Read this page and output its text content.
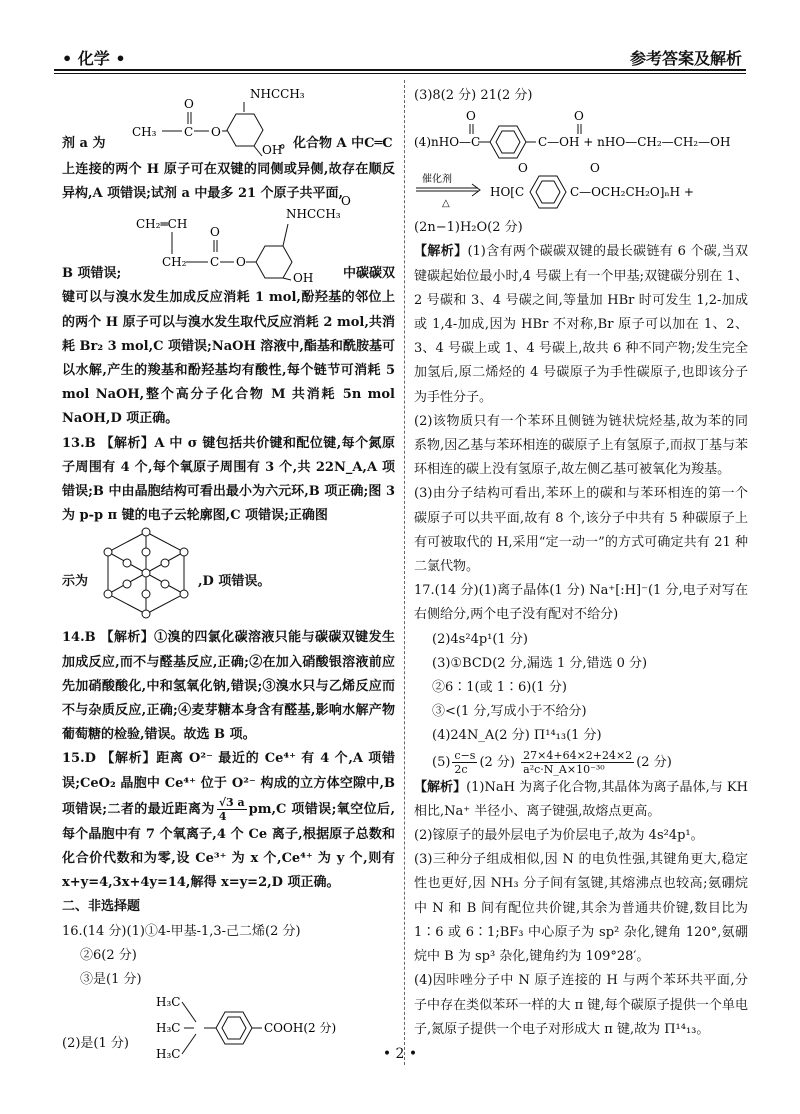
• 化学 •	参考答案及解析
剂 a 为
NHCCH₃
OH
O
C
O
CH₃
。化合物 A 中C═C

上连接的两个 H 原子可在双键的同侧或异侧,故存在顺反异构,A 项错误;试剂 a 中最多 21 个原子共平面,

CH₂═CH
NHCCH₃
CH₂ C
O
O
OH
O
B 项错误;	中碳碳双

键可以与溴水发生加成反应消耗 1 mol,酚羟基的邻位上的两个 H 原子可以与溴水发生取代反应消耗 2 mol,共消耗 Br₂ 3 mol,C 项错误;NaOH 溶液中,酯基和酰胺基可以水解,产生的羧基和酚羟基均有酸性,每个链节可消耗 5 mol NaOH,整个高分子化合物 M 共消耗 5n mol NaOH,D 项正确。

13.B 【解析】A 中 σ 键包括共价键和配位键,每个氮原子周围有 4 个,每个氧原子周围有 3 个,共 22N_A,A 项错误;B 中由晶胞结构可看出最小为六元环,B 项正确;图 3 为 p-p π 键的电子云轮廓图,C 项错误;正确图

示为	,D 项错误。

14.B 【解析】①溴的四氯化碳溶液只能与碳碳双键发生加成反应,而不与醛基反应,正确;②在加入硝酸银溶液前应先加硝酸酸化,中和氢氧化钠,错误;③溴水只与乙烯反应而不与杂质反应,正确;④麦芽糖本身含有醛基,影响水解产物葡萄糖的检验,错误。故选 B 项。

15.D 【解析】距离 O²⁻ 最近的 Ce⁴⁺ 有 4 个,A 项错误;CeO₂ 晶胞中 Ce⁴⁺ 位于 O²⁻ 构成的立方体空隙中,B 项错误;二者的最近距离为 $\frac{√3 a}{4} pm,C$ 项错误;氧空位后,每个晶胞中有 7 个氧离子,4 个 Ce 离子,根据原子总数和化合价代数和为零,设 Ce³⁺ 为 x 个,Ce⁴⁺ 为 y 个,则有 x+y=4,3x+4y=14,解得 x=y=2,D 项正确。

二、非选择题

16.(14 分)(1)①4-甲基-1,3-己二烯(2 分)

②6(2 分)

③是(1 分)

(2)是(1 分)
H₃C
H₃C
H₃C
COOH(2 分)

(3)8(2 分) 21(2 分)

(4)nHO—C
O	O
C—OH + nHO—CH₂—CH₂—OH
催化剂
△
HO[C
O	O
C—OCH₂CH₂O]ₙH +

(2n−1)H₂O(2 分)

【解析】(1)含有两个碳碳双键的最长碳链有 6 个碳,当双键碳起始位最小时,4 号碳上有一个甲基;双键碳分别在 1、2 号碳和 3、4 号碳之间,等量加 HBr 时可发生 1,2-加成或 1,4-加成,因为 HBr 不对称,Br 原子可以加在 1、2、3、4 号碳上或 1、4 号碳上,故共 6 种不同产物;发生完全加氢后,原二烯烃的 4 号碳原子为手性碳原子,也即该分子为手性分子。

(2)该物质只有一个苯环且侧链为链状烷烃基,故为苯的同系物,因乙基与苯环相连的碳原子上有氢原子,而叔丁基与苯环相连的碳上没有氢原子,故左侧乙基可被氧化为羧基。

(3)由分子结构可看出,苯环上的碳和与苯环相连的第一个碳原子可以共平面,故有 8 个,该分子中共有 5 种碳原子上有可被取代的 H,采用“定一动一”的方式可确定共有 21 种二氯代物。

17.(14 分)(1)离子晶体(1 分) Na⁺[:H]⁻(1 分,电子对写在右侧给分,两个电子没有配对不给分)

(2)4s²4p¹(1 分)

(3)①BCD(2 分,漏选 1 分,错选 0 分)

②6∶1(或 1∶6)(1 分)

③<(1 分,写成小于不给分)

(4)24N_A(2 分) Π¹⁴₁₃(1 分)

$(5) \frac{c-s}{2c} (2$ 分) $\frac{27\times 4+64\times 2+24\times 2}{\text{a²c·N\_A×10⁻³⁰}} (2$ 分)

【解析】(1)NaH 为离子化合物,其晶体为离子晶体,与 KH 相比,Na⁺ 半径小、离子键强,故熔点更高。

(2)镓原子的最外层电子为价层电子,故为 4s²4p¹。

(3)三种分子组成相似,因 N 的电负性强,其键角更大,稳定性也更好,因 NH₃ 分子间有氢键,其熔沸点也较高;氨硼烷中 N 和 B 间有配位共价键,其余为普通共价键,数目比为 1∶6 或 6∶1;BF₃ 中心原子为 sp² 杂化,键角 120°,氨硼烷中 B 为 sp³ 杂化,键角约为 109°28′。

(4)因咔唑分子中 N 原子连接的 H 与两个苯环共平面,分子中存在类似苯环一样的大 π 键,每个碳原子提供一个单电子,氮原子提供一个电子对形成大 π 键,故为 Π¹⁴₁₃。

• 2 •
